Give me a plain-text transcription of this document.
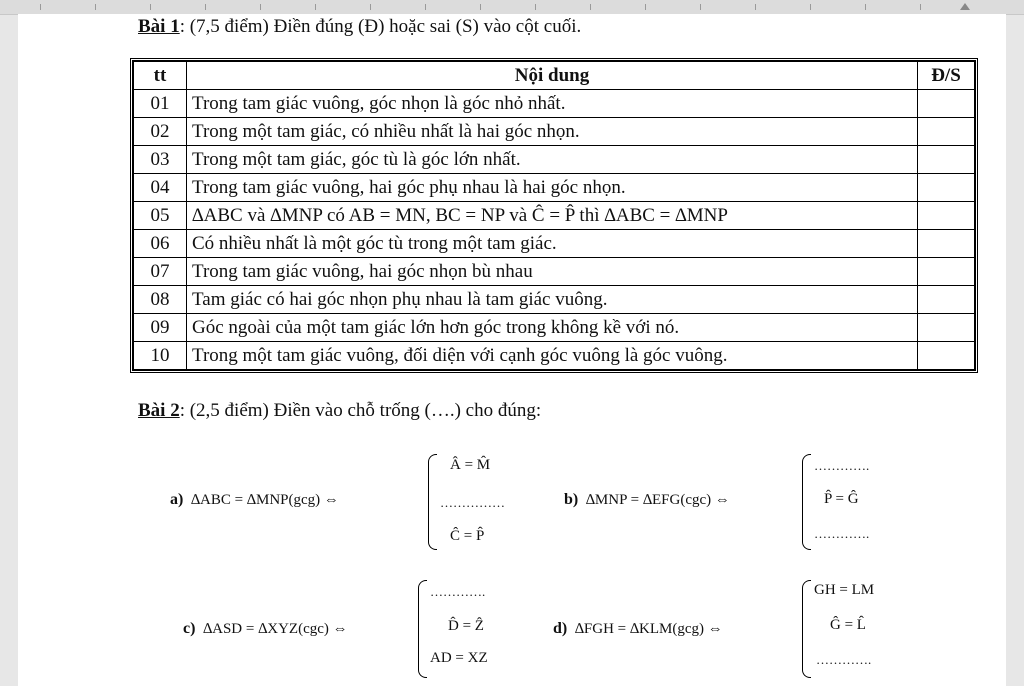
Bài 1: (7,5 điểm) Điền đúng (Đ) hoặc sai (S) vào cột cuối.
tt	Nội dung	Đ/S
01	Trong tam giác vuông, góc nhọn là góc nhỏ nhất.	
02	Trong một tam giác, có nhiều nhất là hai góc nhọn.	
03	Trong một tam giác, góc tù là góc lớn nhất.	
04	Trong tam giác vuông, hai góc phụ nhau là hai góc nhọn.	
05	∆ABC và ∆MNP có AB = MN, BC = NP và Ĉ = P̂ thì ∆ABC = ∆MNP	
06	Có nhiều nhất là một góc tù trong một tam giác.	
07	Trong tam giác vuông, hai góc nhọn bù nhau	
08	Tam giác có hai góc nhọn phụ nhau là tam giác vuông.	
09	Góc ngoài của một tam giác lớn hơn góc trong không kề với nó.	
10	Trong một tam giác vuông, đối diện với cạnh góc vuông là góc vuông.	
Bài 2: (2,5 điểm) Điền vào chỗ trống (….) cho đúng:
a) ∆ABC = ∆MNP(gcg) ⇔
Â = M̂
……………
Ĉ = P̂
b) ∆MNP = ∆EFG(cgc) ⇔
………….
P̂ = Ĝ
………….
c) ∆ASD = ∆XYZ(cgc) ⇔
………….
D̂ = Ẑ
AD = XZ
d) ∆FGH = ∆KLM(gcg) ⇔
GH = LM
Ĝ = L̂
………….
